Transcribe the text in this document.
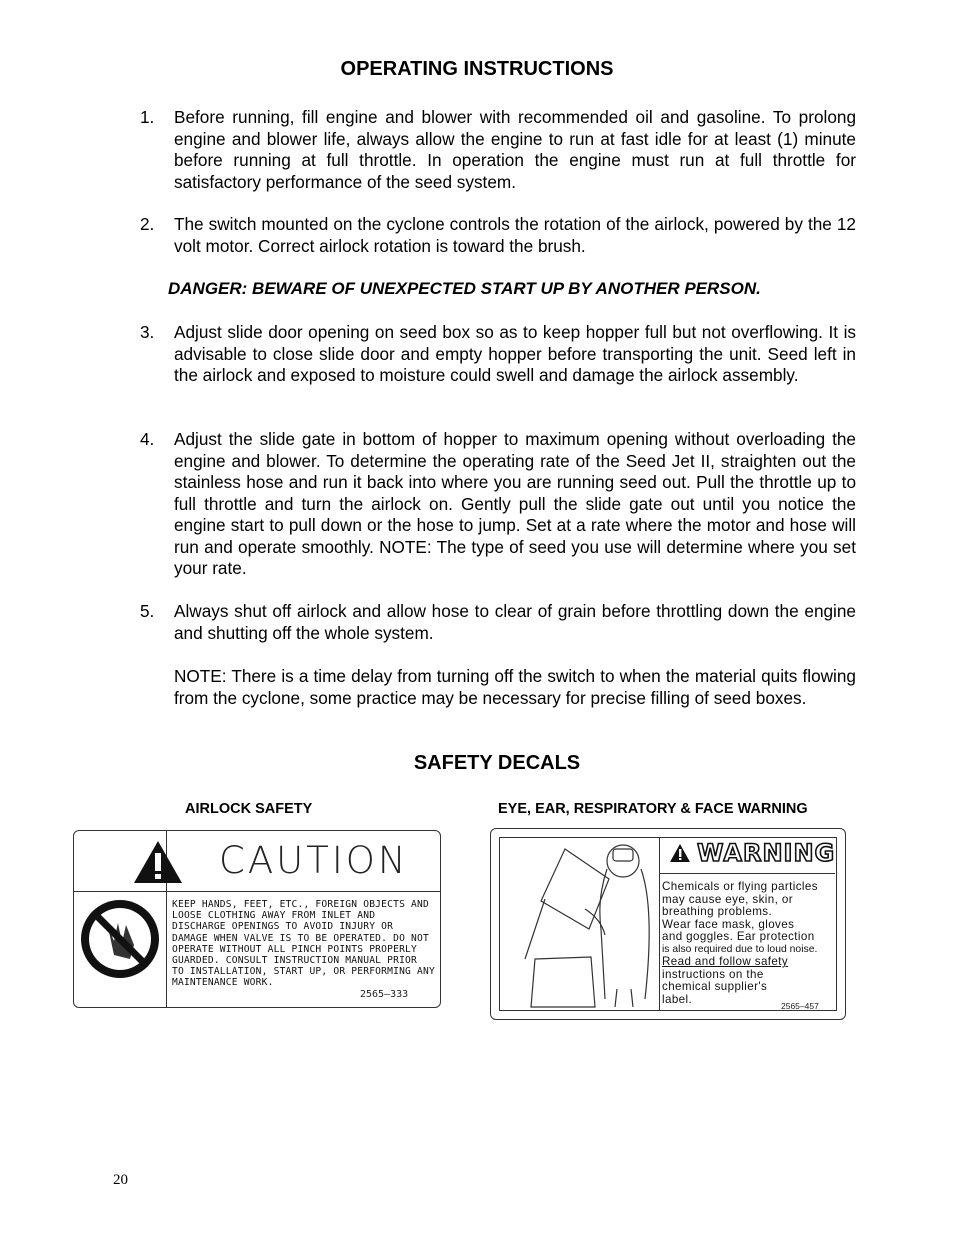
OPERATING INSTRUCTIONS
1.	Before running, fill engine and blower with recommended oil and gasoline. To prolong engine and blower life, always allow the engine to run at fast idle for at least (1) minute before running at full throttle. In operation the engine must run at full throttle for satisfactory performance of the seed system.
2.	The switch mounted on the cyclone controls the rotation of the airlock, powered by the 12 volt motor. Correct airlock rotation is toward the brush.
DANGER: BEWARE OF UNEXPECTED START UP BY ANOTHER PERSON.
3.	Adjust slide door opening on seed box so as to keep hopper full but not overflowing. It is advisable to close slide door and empty hopper before transporting the unit. Seed left in the airlock and exposed to moisture could swell and damage the airlock assembly.
4.	Adjust the slide gate in bottom of hopper to maximum opening without overloading the engine and blower. To determine the operating rate of the Seed Jet II, straighten out the stainless hose and run it back into where you are running seed out. Pull the throttle up to full throttle and turn the airlock on. Gently pull the slide gate out until you notice the engine start to pull down or the hose to jump. Set at a rate where the motor and hose will run and operate smoothly. NOTE: The type of seed you use will determine where you set your rate.
5.	Always shut off airlock and allow hose to clear of grain before throttling down the engine and shutting off the whole system.
NOTE: There is a time delay from turning off the switch to when the material quits flowing from the cyclone, some practice may be necessary for precise filling of seed boxes.
SAFETY DECALS
AIRLOCK SAFETY	EYE, EAR, RESPIRATORY & FACE WARNING
CAUTION
KEEP HANDS, FEET, ETC., FOREIGN OBJECTS AND
LOOSE CLOTHING AWAY FROM INLET AND
DISCHARGE OPENINGS TO AVOID INJURY OR
DAMAGE WHEN VALVE IS TO BE OPERATED. DO NOT
OPERATE WITHOUT ALL PINCH POINTS PROPERLY
GUARDED. CONSULT INSTRUCTION MANUAL PRIOR
TO INSTALLATION, START UP, OR PERFORMING ANY
MAINTENANCE WORK.
2565–333
WARNING
Chemicals or flying particles
may cause eye, skin, or
breathing problems.
Wear face mask, gloves
and goggles. Ear protection
is also required due to loud noise.
Read and follow safety
instructions on the
chemical supplier's
label.
2565–457
20
